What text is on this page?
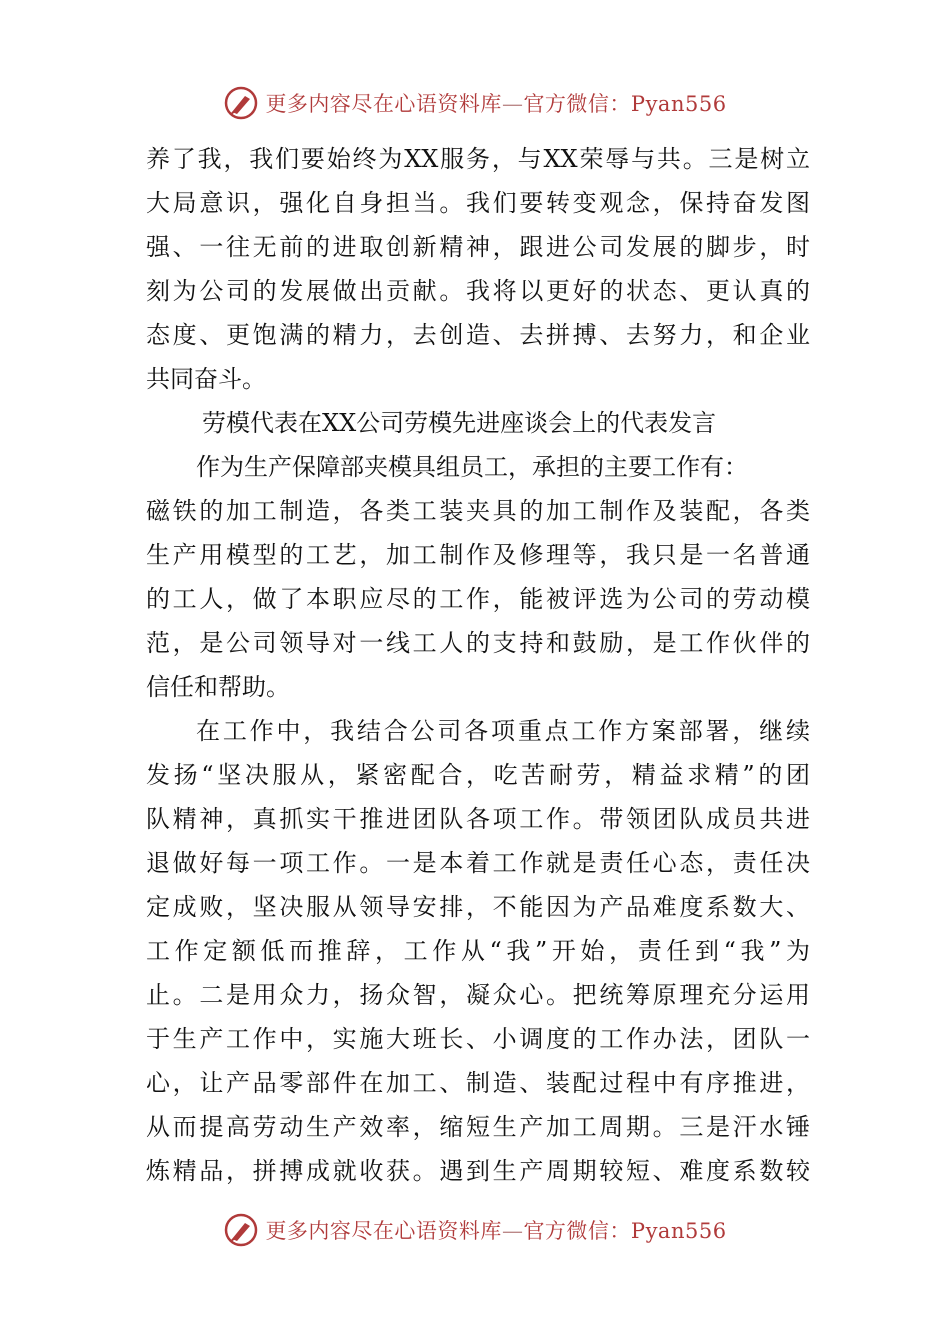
更多内容尽在心语资料库—官方微信：Pyan556
养了我，我们要始终为XX服务，与XX荣辱与共。三是树立
大局意识，强化自身担当。我们要转变观念，保持奋发图
强、一往无前的进取创新精神，跟进公司发展的脚步，时
刻为公司的发展做出贡献。我将以更好的状态、更认真的
态度、更饱满的精力，去创造、去拼搏、去努力，和企业
共同奋斗。
劳模代表在XX公司劳模先进座谈会上的代表发言
作为生产保障部夹模具组员工，承担的主要工作有：
磁铁的加工制造，各类工装夹具的加工制作及装配，各类
生产用模型的工艺，加工制作及修理等，我只是一名普通
的工人，做了本职应尽的工作，能被评选为公司的劳动模
范，是公司领导对一线工人的支持和鼓励，是工作伙伴的
信任和帮助。
在工作中，我结合公司各项重点工作方案部署，继续
发扬“坚决服从，紧密配合，吃苦耐劳，精益求精”的团
队精神，真抓实干推进团队各项工作。带领团队成员共进
退做好每一项工作。一是本着工作就是责任心态，责任决
定成败，坚决服从领导安排，不能因为产品难度系数大、
工作定额低而推辞，工作从“我”开始，责任到“我”为
止。二是用众力，扬众智，凝众心。把统筹原理充分运用
于生产工作中，实施大班长、小调度的工作办法，团队一
心，让产品零部件在加工、制造、装配过程中有序推进，
从而提高劳动生产效率，缩短生产加工周期。三是汗水锤
炼精品，拼搏成就收获。遇到生产周期较短、难度系数较
更多内容尽在心语资料库—官方微信：Pyan556
